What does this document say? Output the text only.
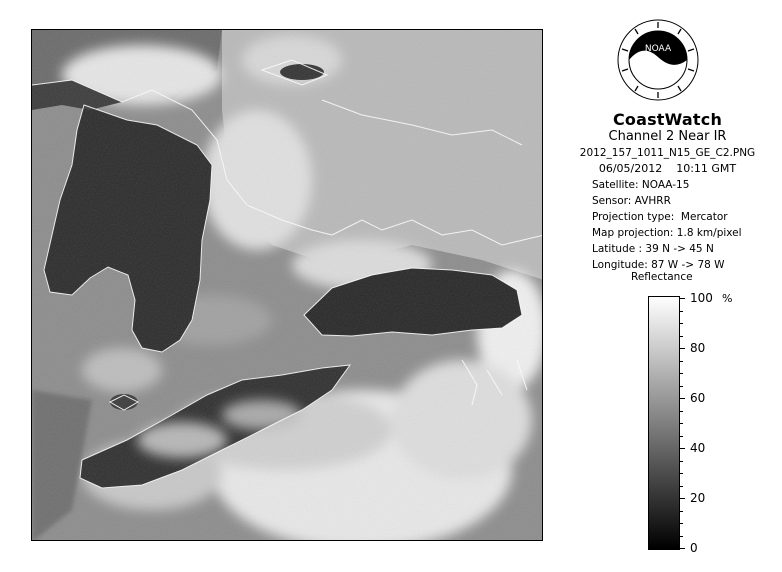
NOAA
CoastWatch
Channel 2 Near IR
2012_157_1011_N15_GE_C2.PNG
06/05/2012    10:11 GMT
Satellite: NOAA-15
Sensor: AVHRR
Projection type:  Mercator
Map projection: 1.8 km/pixel
Latitude : 39 N -> 45 N
Longitude: 87 W -> 78 W
Reflectance
%
100
80
60
40
20
0
